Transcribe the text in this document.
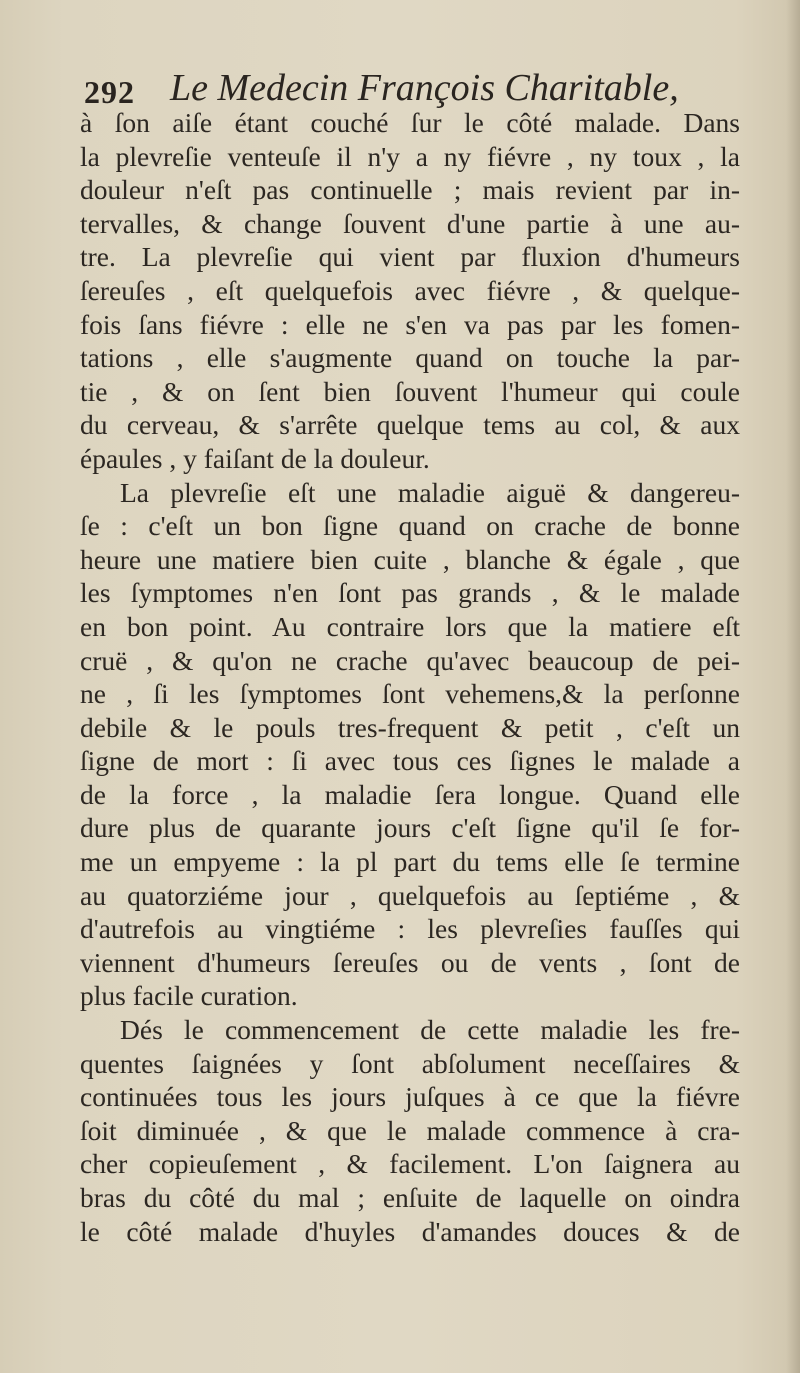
292 Le Medecin François Charitable,
à ſon aiſe étant couché ſur le côté malade. Dans
la plevreſie venteuſe il n'y a ny fiévre , ny toux , la
douleur n'eſt pas continuelle ; mais revient par in-
tervalles, & change ſouvent d'une partie à une au-
tre. La plevreſie qui vient par fluxion d'humeurs
ſereuſes , eſt quelquefois avec fiévre , & quelque-
fois ſans fiévre : elle ne s'en va pas par les fomen-
tations , elle s'augmente quand on touche la par-
tie , & on ſent bien ſouvent l'humeur qui coule
du cerveau, & s'arrête quelque tems au col, & aux
épaules , y faiſant de la douleur.
La plevreſie eſt une maladie aiguë & dangereu-
ſe : c'eſt un bon ſigne quand on crache de bonne
heure une matiere bien cuite , blanche & égale , que
les ſymptomes n'en ſont pas grands , & le malade
en bon point. Au contraire lors que la matiere eſt
cruë , & qu'on ne crache qu'avec beaucoup de pei-
ne , ſi les ſymptomes ſont vehemens,& la perſonne
debile & le pouls tres-frequent & petit , c'eſt un
ſigne de mort : ſi avec tous ces ſignes le malade a
de la force , la maladie ſera longue. Quand elle
dure plus de quarante jours c'eſt ſigne qu'il ſe for-
me un empyeme : la pl part du tems elle ſe termine
au quatorziéme jour , quelquefois au ſeptiéme , &
d'autrefois au vingtiéme : les plevreſies fauſſes qui
viennent d'humeurs ſereuſes ou de vents , ſont de
plus facile curation.
Dés le commencement de cette maladie les fre-
quentes ſaignées y ſont abſolument neceſſaires &
continuées tous les jours juſques à ce que la fiévre
ſoit diminuée , & que le malade commence à cra-
cher copieuſement , & facilement. L'on ſaignera au
bras du côté du mal ; enſuite de laquelle on oindra
le côté malade d'huyles d'amandes douces & de
